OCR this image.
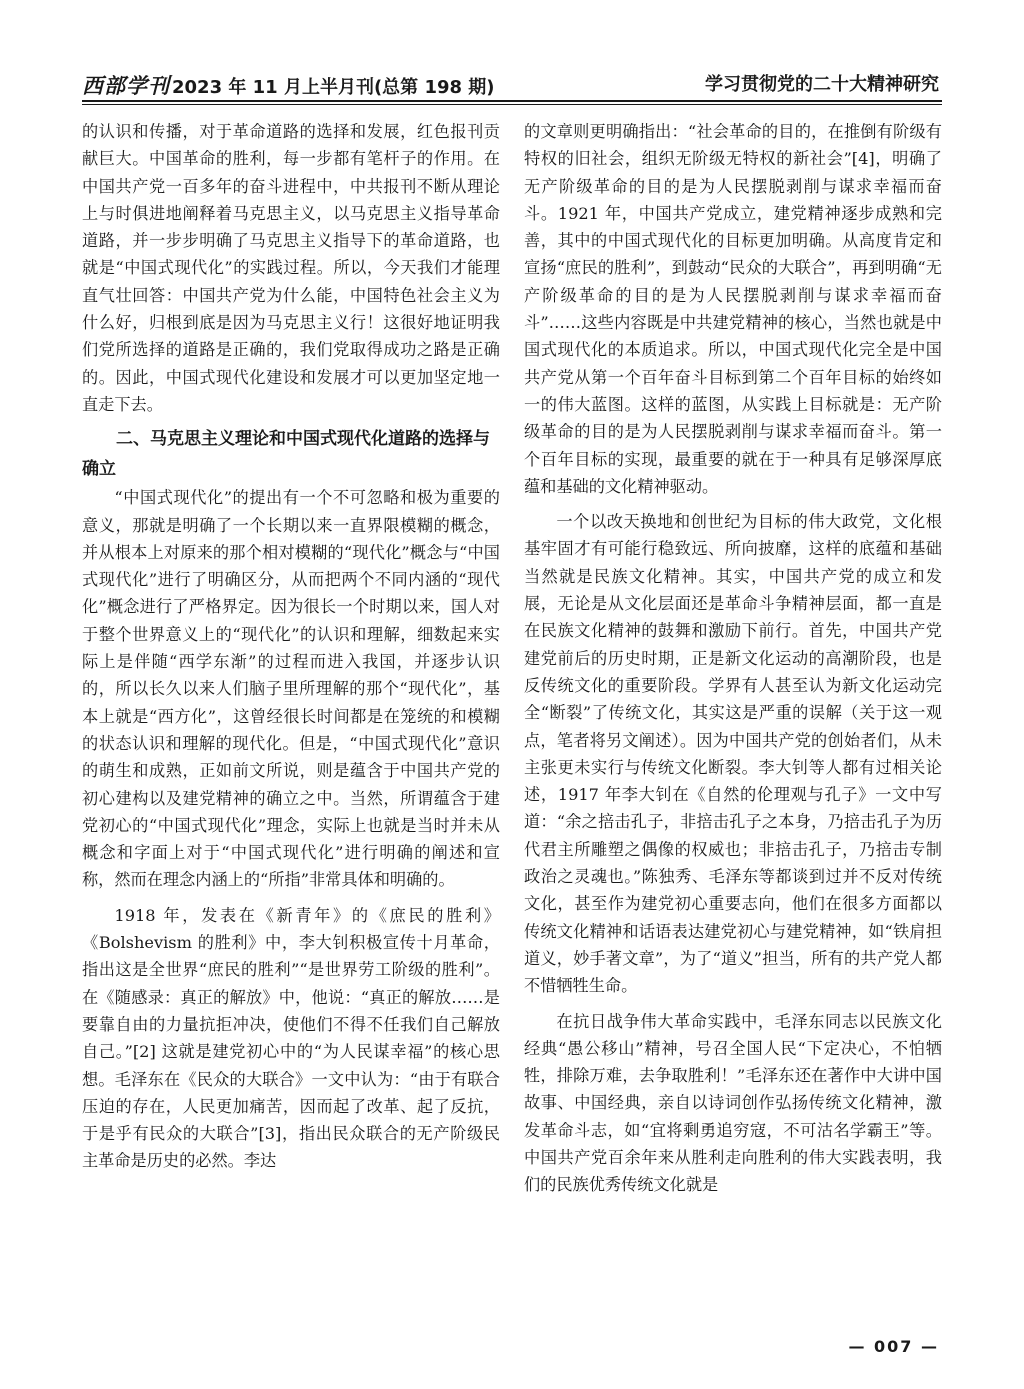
西部学刊 2023 年 11 月上半月刊(总第 198 期)	学习贯彻党的二十大精神研究

的认识和传播，对于革命道路的选择和发展，红色报刊贡献巨大。中国革命的胜利，每一步都有笔杆子的作用。在中国共产党一百多年的奋斗进程中，中共报刊不断从理论上与时俱进地阐释着马克思主义，以马克思主义指导革命道路，并一步步明确了马克思主义指导下的革命道路，也就是“中国式现代化”的实践过程。所以，今天我们才能理直气壮回答：中国共产党为什么能，中国特色社会主义为什么好，归根到底是因为马克思主义行！这很好地证明我们党所选择的道路是正确的，我们党取得成功之路是正确的。因此，中国式现代化建设和发展才可以更加坚定地一直走下去。

二、马克思主义理论和中国式现代化道路的选择与确立

“中国式现代化”的提出有一个不可忽略和极为重要的意义，那就是明确了一个长期以来一直界限模糊的概念，并从根本上对原来的那个相对模糊的“现代化”概念与“中国式现代化”进行了明确区分，从而把两个不同内涵的“现代化”概念进行了严格界定。因为很长一个时期以来，国人对于整个世界意义上的“现代化”的认识和理解，细数起来实际上是伴随“西学东渐”的过程而进入我国，并逐步认识的，所以长久以来人们脑子里所理解的那个“现代化”，基本上就是“西方化”，这曾经很长时间都是在笼统的和模糊的状态认识和理解的现代化。但是，“中国式现代化”意识的萌生和成熟，正如前文所说，则是蕴含于中国共产党的初心建构以及建党精神的确立之中。当然，所谓蕴含于建党初心的“中国式现代化”理念，实际上也就是当时并未从概念和字面上对于“中国式现代化”进行明确的阐述和宣称，然而在理念内涵上的“所指”非常具体和明确的。

1918 年，发表在《新青年》的《庶民的胜利》《Bolshevism 的胜利》中，李大钊积极宣传十月革命，指出这是全世界“庶民的胜利”“是世界劳工阶级的胜利”。在《随感录：真正的解放》中，他说：“真正的解放……是要靠自由的力量抗拒冲决，使他们不得不任我们自己解放自己。”[2] 这就是建党初心中的“为人民谋幸福”的核心思想。毛泽东在《民众的大联合》一文中认为：“由于有联合压迫的存在，人民更加痛苦，因而起了改革、起了反抗，于是乎有民众的大联合”[3]，指出民众联合的无产阶级民主革命是历史的必然。李达

的文章则更明确指出：“社会革命的目的，在推倒有阶级有特权的旧社会，组织无阶级无特权的新社会”[4]，明确了无产阶级革命的目的是为人民摆脱剥削与谋求幸福而奋斗。1921 年，中国共产党成立，建党精神逐步成熟和完善，其中的中国式现代化的目标更加明确。从高度肯定和宣扬“庶民的胜利”，到鼓动“民众的大联合”，再到明确“无产阶级革命的目的是为人民摆脱剥削与谋求幸福而奋斗”……这些内容既是中共建党精神的核心，当然也就是中国式现代化的本质追求。所以，中国式现代化完全是中国共产党从第一个百年奋斗目标到第二个百年目标的始终如一的伟大蓝图。这样的蓝图，从实践上目标就是：无产阶级革命的目的是为人民摆脱剥削与谋求幸福而奋斗。第一个百年目标的实现，最重要的就在于一种具有足够深厚底蕴和基础的文化精神驱动。

一个以改天换地和创世纪为目标的伟大政党，文化根基牢固才有可能行稳致远、所向披靡，这样的底蕴和基础当然就是民族文化精神。其实，中国共产党的成立和发展，无论是从文化层面还是革命斗争精神层面，都一直是在民族文化精神的鼓舞和激励下前行。首先，中国共产党建党前后的历史时期，正是新文化运动的高潮阶段，也是反传统文化的重要阶段。学界有人甚至认为新文化运动完全“断裂”了传统文化，其实这是严重的误解（关于这一观点，笔者将另文阐述）。因为中国共产党的创始者们，从未主张更未实行与传统文化断裂。李大钊等人都有过相关论述，1917 年李大钊在《自然的伦理观与孔子》一文中写道：“余之掊击孔子，非掊击孔子之本身，乃掊击孔子为历代君主所雕塑之偶像的权威也；非掊击孔子，乃掊击专制政治之灵魂也。”陈独秀、毛泽东等都谈到过并不反对传统文化，甚至作为建党初心重要志向，他们在很多方面都以传统文化精神和话语表达建党初心与建党精神，如“铁肩担道义，妙手著文章”，为了“道义”担当，所有的共产党人都不惜牺牲生命。

在抗日战争伟大革命实践中，毛泽东同志以民族文化经典“愚公移山”精神，号召全国人民“下定决心，不怕牺牲，排除万难，去争取胜利！”毛泽东还在著作中大讲中国故事、中国经典，亲自以诗词创作弘扬传统文化精神，激发革命斗志，如“宜将剩勇追穷寇，不可沽名学霸王”等。中国共产党百余年来从胜利走向胜利的伟大实践表明，我们的民族优秀传统文化就是

— 007 —
